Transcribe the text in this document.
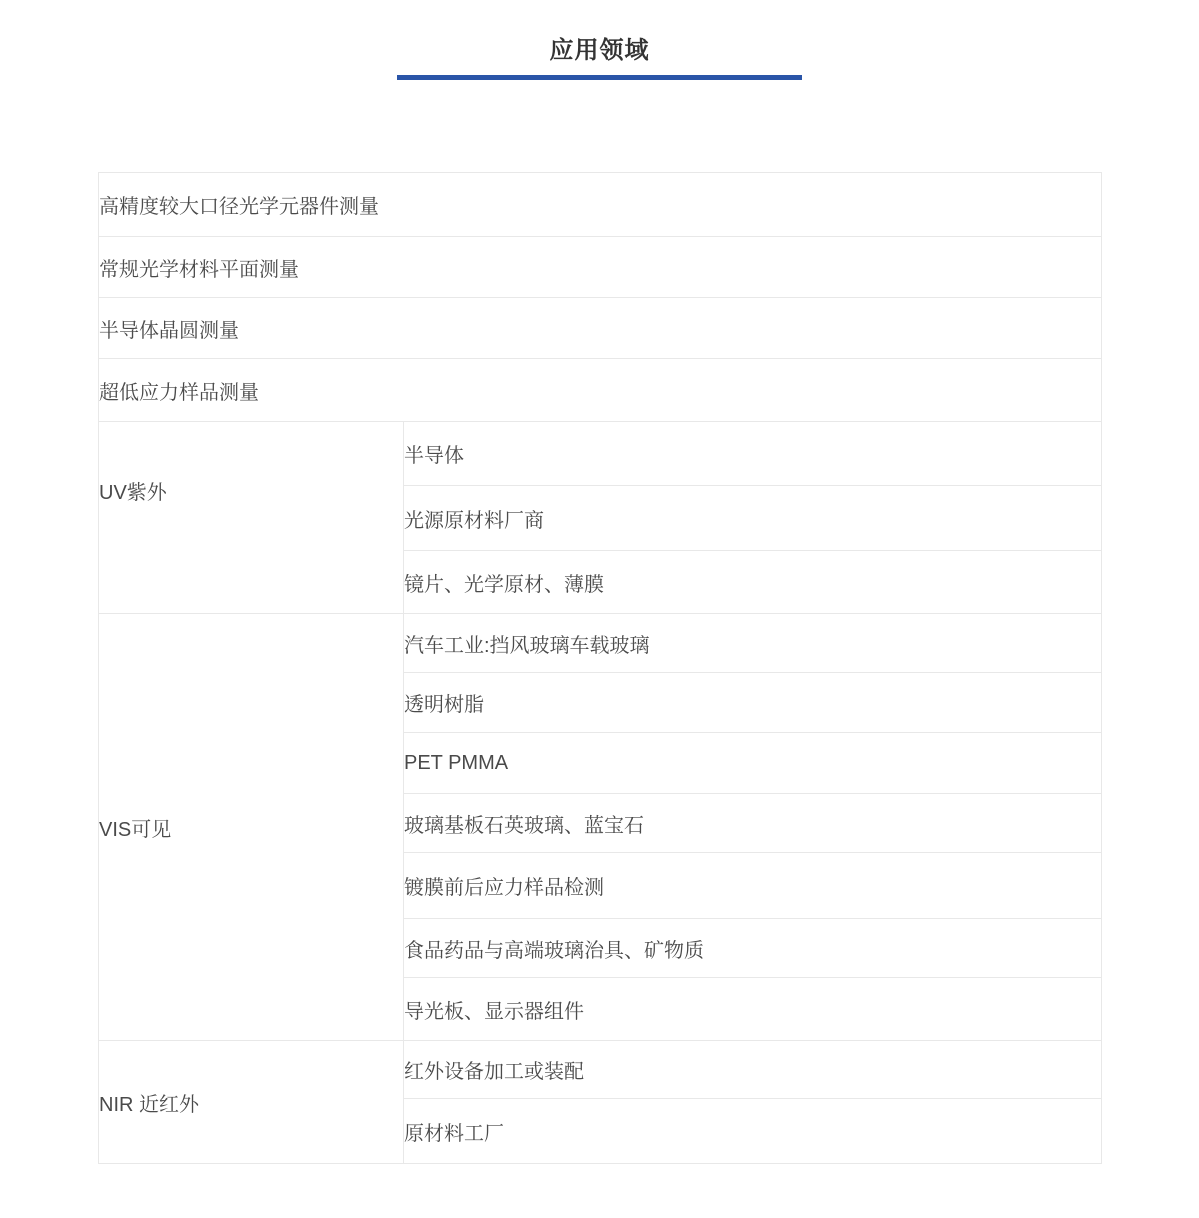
应用领域
高精度较大口径光学元器件测量	
常规光学材料平面测量	
半导体晶圆测量	
超低应力样品测量	
UV紫外	半导体
	光源原材料厂商
	镜片、光学原材、薄膜
VIS可见	汽车工业:挡风玻璃车载玻璃
	透明树脂
	PET PMMA
	玻璃基板石英玻璃、蓝宝石
	镀膜前后应力样品检测
	食品药品与高端玻璃治具、矿物质
	导光板、显示器组件
NIR 近红外	红外设备加工或装配
	原材料工厂
